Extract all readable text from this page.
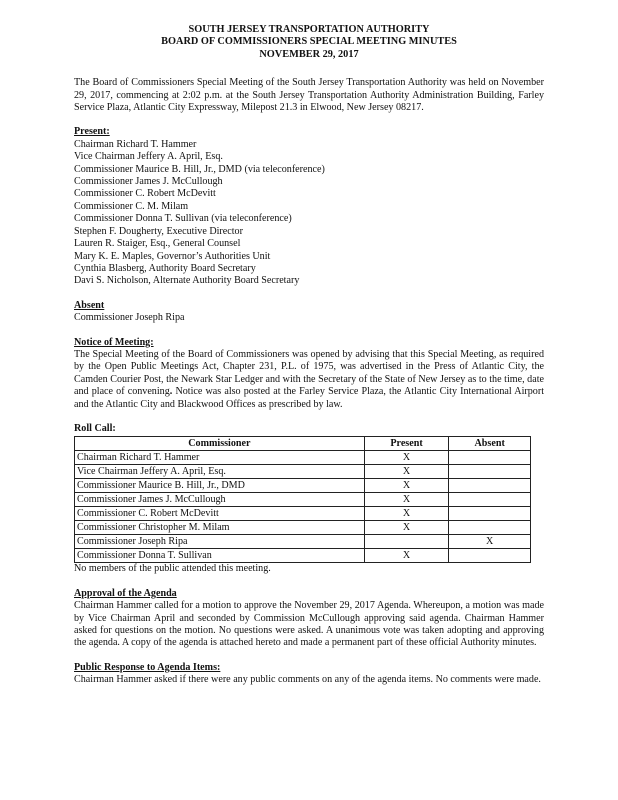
SOUTH JERSEY TRANSPORTATION AUTHORITY
BOARD OF COMMISSIONERS SPECIAL MEETING MINUTES
NOVEMBER 29, 2017

The Board of Commissioners Special Meeting of the South Jersey Transportation Authority was held on November 29, 2017, commencing at 2:02 p.m. at the South Jersey Transportation Authority Administration Building, Farley Service Plaza, Atlantic City Expressway, Milepost 21.3 in Elwood, New Jersey 08217.

Present:
Chairman Richard T. Hammer
Vice Chairman Jeffery A. April, Esq.
Commissioner Maurice B. Hill, Jr., DMD (via teleconference)
Commissioner James J. McCullough
Commissioner C. Robert McDevitt
Commissioner C. M. Milam
Commissioner Donna T. Sullivan (via teleconference)
Stephen F. Dougherty, Executive Director
Lauren R. Staiger, Esq., General Counsel
Mary K. E. Maples, Governor’s Authorities Unit
Cynthia Blasberg, Authority Board Secretary
Davi S. Nicholson, Alternate Authority Board Secretary
Absent
Commissioner Joseph Ripa
Notice of Meeting:

The Special Meeting of the Board of Commissioners was opened by advising that this Special Meeting, as required by the Open Public Meetings Act, Chapter 231, P.L. of 1975, was advertised in the Press of Atlantic City, the Camden Courier Post, the Newark Star Ledger and with the Secretary of the State of New Jersey as to the time, date and place of convening. Notice was also posted at the Farley Service Plaza, the Atlantic City International Airport and the Atlantic City and Blackwood Offices as prescribed by law.

Roll Call:
Commissioner	Present	Absent
Chairman Richard T. Hammer	X	
Vice Chairman Jeffery A. April, Esq.	X	
Commissioner Maurice B. Hill, Jr., DMD	X	
Commissioner James J. McCullough	X	
Commissioner C. Robert McDevitt	X	
Commissioner Christopher M. Milam	X	
Commissioner Joseph Ripa		X
Commissioner Donna T. Sullivan	X	

No members of the public attended this meeting.

Approval of the Agenda

Chairman Hammer called for a motion to approve the November 29, 2017 Agenda. Whereupon, a motion was made by Vice Chairman April and seconded by Commission McCullough approving said agenda. Chairman Hammer asked for questions on the motion. No questions were asked. A unanimous vote was taken adopting and approving the agenda. A copy of the agenda is attached hereto and made a permanent part of these official Authority minutes.

Public Response to Agenda Items:

Chairman Hammer asked if there were any public comments on any of the agenda items. No comments were made.
